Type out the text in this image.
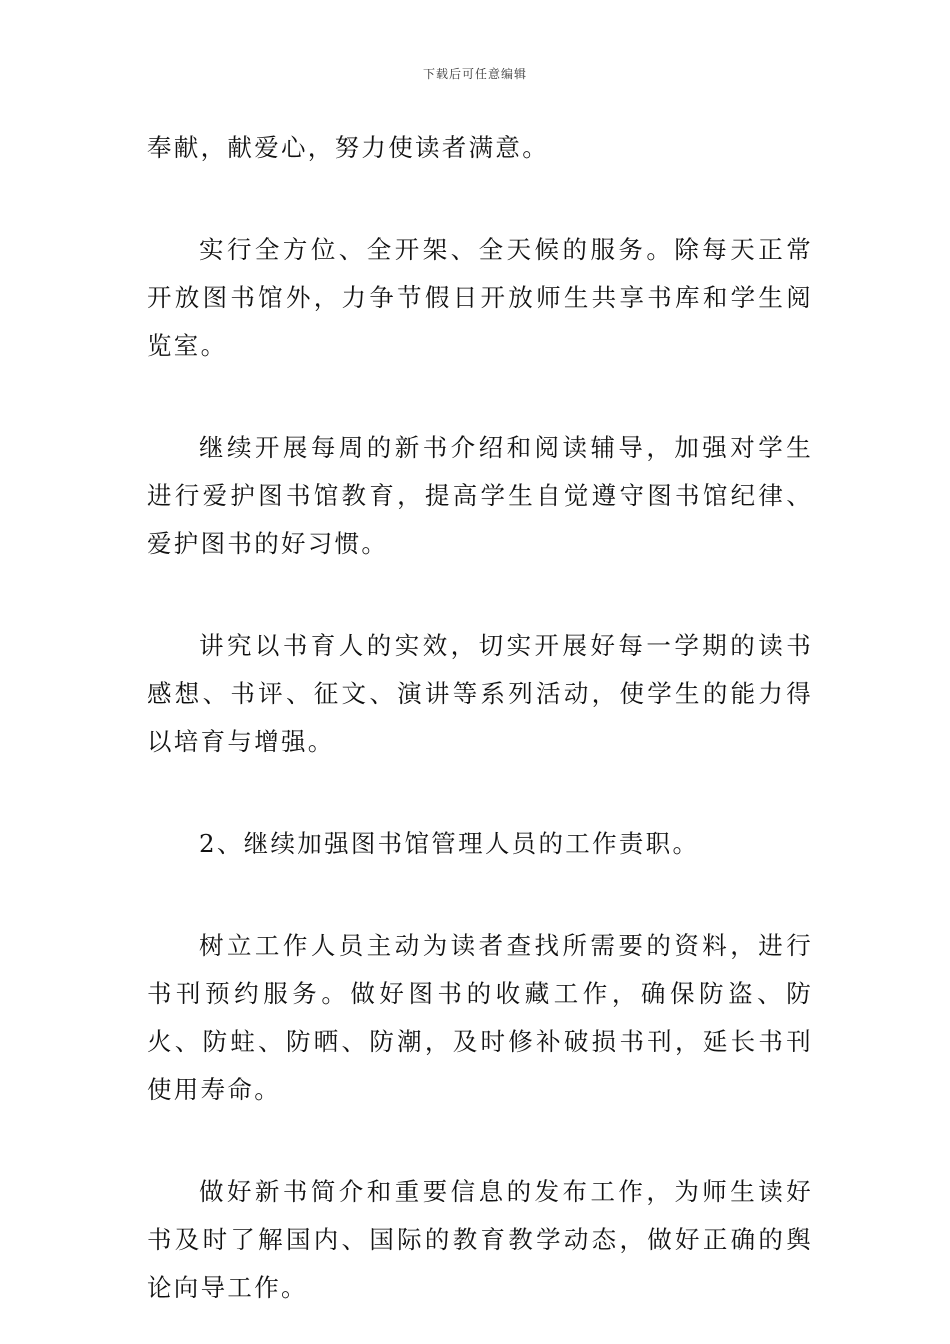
下载后可任意编辑

奉献，献爱心，努力使读者满意。

实行全方位、全开架、全天候的服务。除每天正常开放图书馆外，力争节假日开放师生共享书库和学生阅览室。

继续开展每周的新书介绍和阅读辅导，加强对学生进行爱护图书馆教育，提高学生自觉遵守图书馆纪律、爱护图书的好习惯。

讲究以书育人的实效，切实开展好每一学期的读书感想、书评、征文、演讲等系列活动，使学生的能力得以培育与增强。

2、继续加强图书馆管理人员的工作责职。

树立工作人员主动为读者查找所需要的资料，进行书刊预约服务。做好图书的收藏工作，确保防盗、防火、防蛀、防晒、防潮，及时修补破损书刊，延长书刊使用寿命。

做好新书简介和重要信息的发布工作，为师生读好书及时了解国内、国际的教育教学动态，做好正确的舆论向导工作。
